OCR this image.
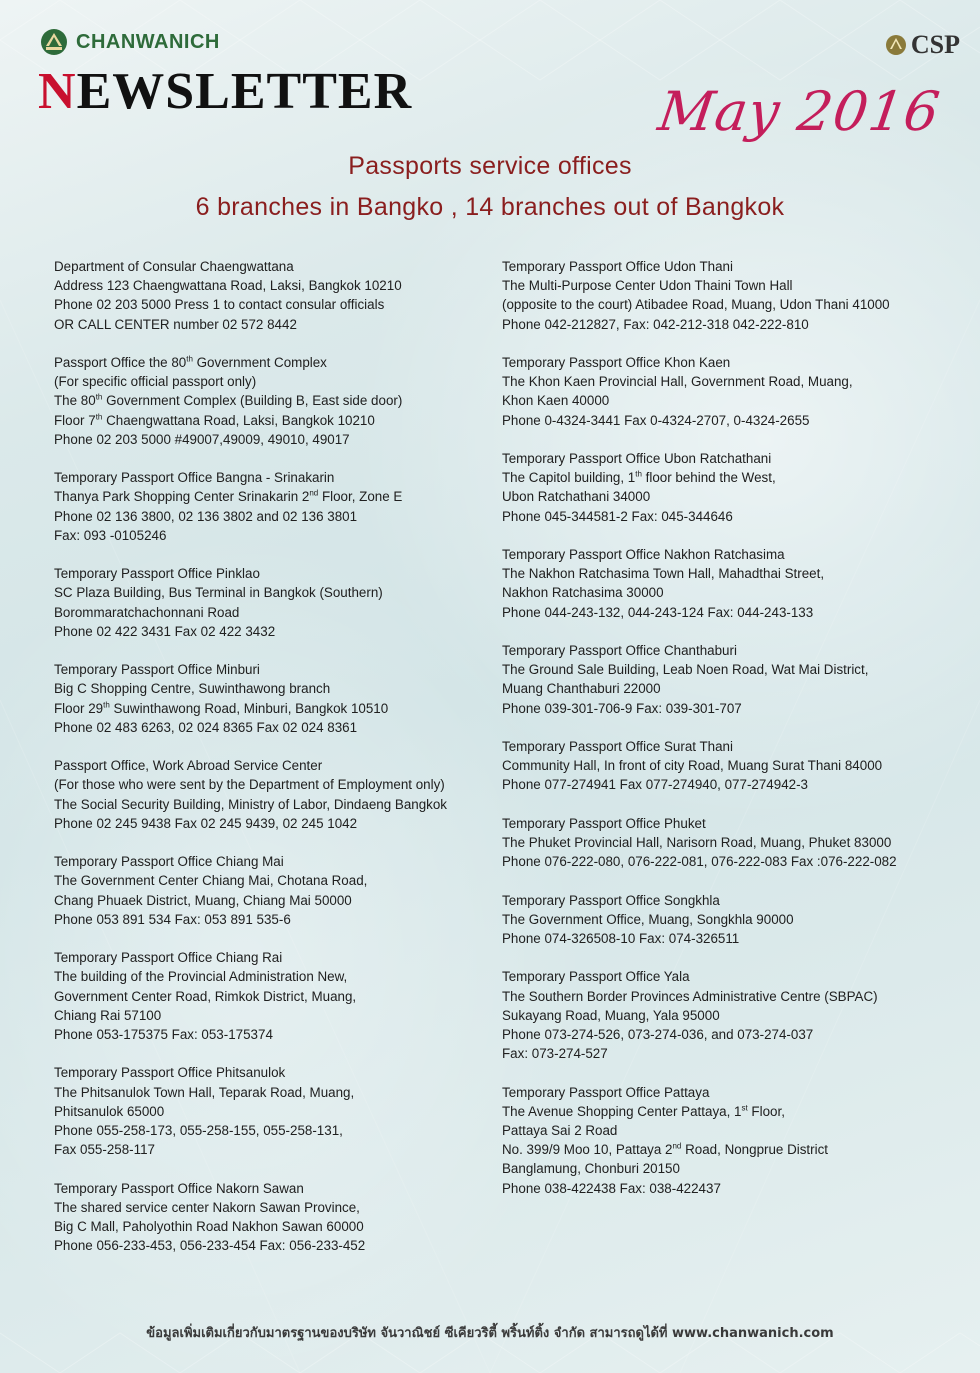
CHANWANICH
NEWSLETTER
CSP
May 2016
Passports service offices
6 branches in Bangko , 14 branches out of Bangkok
Department of Consular Chaengwattana
Address 123 Chaengwattana Road, Laksi, Bangkok 10210
Phone 02 203 5000 Press 1 to contact consular officials
OR CALL CENTER number 02 572 8442
Passport Office the 80th Government Complex
(For specific official passport only)
The 80th Government Complex (Building B, East side door)
Floor 7th Chaengwattana Road, Laksi, Bangkok 10210
Phone 02 203 5000 #49007,49009, 49010, 49017
Temporary Passport Office Bangna - Srinakarin
Thanya Park Shopping Center Srinakarin 2nd Floor, Zone E
Phone 02 136 3800, 02 136 3802 and 02 136 3801
Fax: 093 -0105246
Temporary Passport Office Pinklao
SC Plaza Building, Bus Terminal in Bangkok (Southern)
Borommaratchachonnani Road
Phone 02 422 3431 Fax 02 422 3432
Temporary Passport Office Minburi
Big C Shopping Centre, Suwinthawong branch
Floor 29th Suwinthawong Road, Minburi, Bangkok 10510
Phone 02 483 6263, 02 024 8365 Fax 02 024 8361
Passport Office, Work Abroad Service Center
(For those who were sent by the Department of Employment only)
The Social Security Building, Ministry of Labor, Dindaeng Bangkok
Phone 02 245 9438 Fax 02 245 9439, 02 245 1042
Temporary Passport Office Chiang Mai
The Government Center Chiang Mai, Chotana Road,
Chang Phuaek District, Muang, Chiang Mai 50000
Phone 053 891 534 Fax: 053 891 535-6
Temporary Passport Office Chiang Rai
The building of the Provincial Administration New,
Government Center Road, Rimkok District, Muang,
Chiang Rai 57100
Phone 053-175375 Fax: 053-175374
Temporary Passport Office Phitsanulok
The Phitsanulok Town Hall, Teparak Road, Muang,
Phitsanulok 65000
Phone 055-258-173, 055-258-155, 055-258-131,
Fax 055-258-117
Temporary Passport Office Nakorn Sawan
The shared service center Nakorn Sawan Province,
Big C Mall, Paholyothin Road Nakhon Sawan 60000
Phone 056-233-453, 056-233-454 Fax: 056-233-452
Temporary Passport Office Udon Thani
The Multi-Purpose Center Udon Thaini Town Hall
(opposite to the court) Atibadee Road, Muang, Udon Thani 41000
Phone 042-212827, Fax: 042-212-318 042-222-810
Temporary Passport Office Khon Kaen
The Khon Kaen Provincial Hall, Government Road, Muang,
Khon Kaen 40000
Phone 0-4324-3441 Fax 0-4324-2707, 0-4324-2655
Temporary Passport Office Ubon Ratchathani
The Capitol building, 1th floor behind the West,
Ubon Ratchathani 34000
Phone 045-344581-2 Fax: 045-344646
Temporary Passport Office Nakhon Ratchasima
The Nakhon Ratchasima Town Hall, Mahadthai Street,
Nakhon Ratchasima 30000
Phone 044-243-132, 044-243-124 Fax: 044-243-133
Temporary Passport Office Chanthaburi
The Ground Sale Building, Leab Noen Road, Wat Mai District,
Muang Chanthaburi 22000
Phone 039-301-706-9 Fax: 039-301-707
Temporary Passport Office Surat Thani
Community Hall, In front of city Road, Muang Surat Thani 84000
Phone 077-274941 Fax 077-274940, 077-274942-3
Temporary Passport Office Phuket
The Phuket Provincial Hall, Narisorn Road, Muang, Phuket 83000
Phone 076-222-080, 076-222-081, 076-222-083 Fax :076-222-082
Temporary Passport Office Songkhla
The Government Office, Muang, Songkhla 90000
Phone 074-326508-10 Fax: 074-326511
Temporary Passport Office Yala
The Southern Border Provinces Administrative Centre (SBPAC)
Sukayang Road, Muang, Yala 95000
Phone 073-274-526, 073-274-036, and 073-274-037
Fax: 073-274-527
Temporary Passport Office Pattaya
The Avenue Shopping Center Pattaya, 1st Floor,
Pattaya Sai 2 Road
No. 399/9 Moo 10, Pattaya 2nd Road, Nongprue District
Banglamung, Chonburi 20150
Phone 038-422438 Fax: 038-422437
ข้อมูลเพิ่มเติมเกี่ยวกับมาตรฐานของบริษัท จันวาณิชย์ ซีเคียวริตี้ พริ้นท์ติ้ง จำกัด สามารถดูได้ที่ www.chanwanich.com
